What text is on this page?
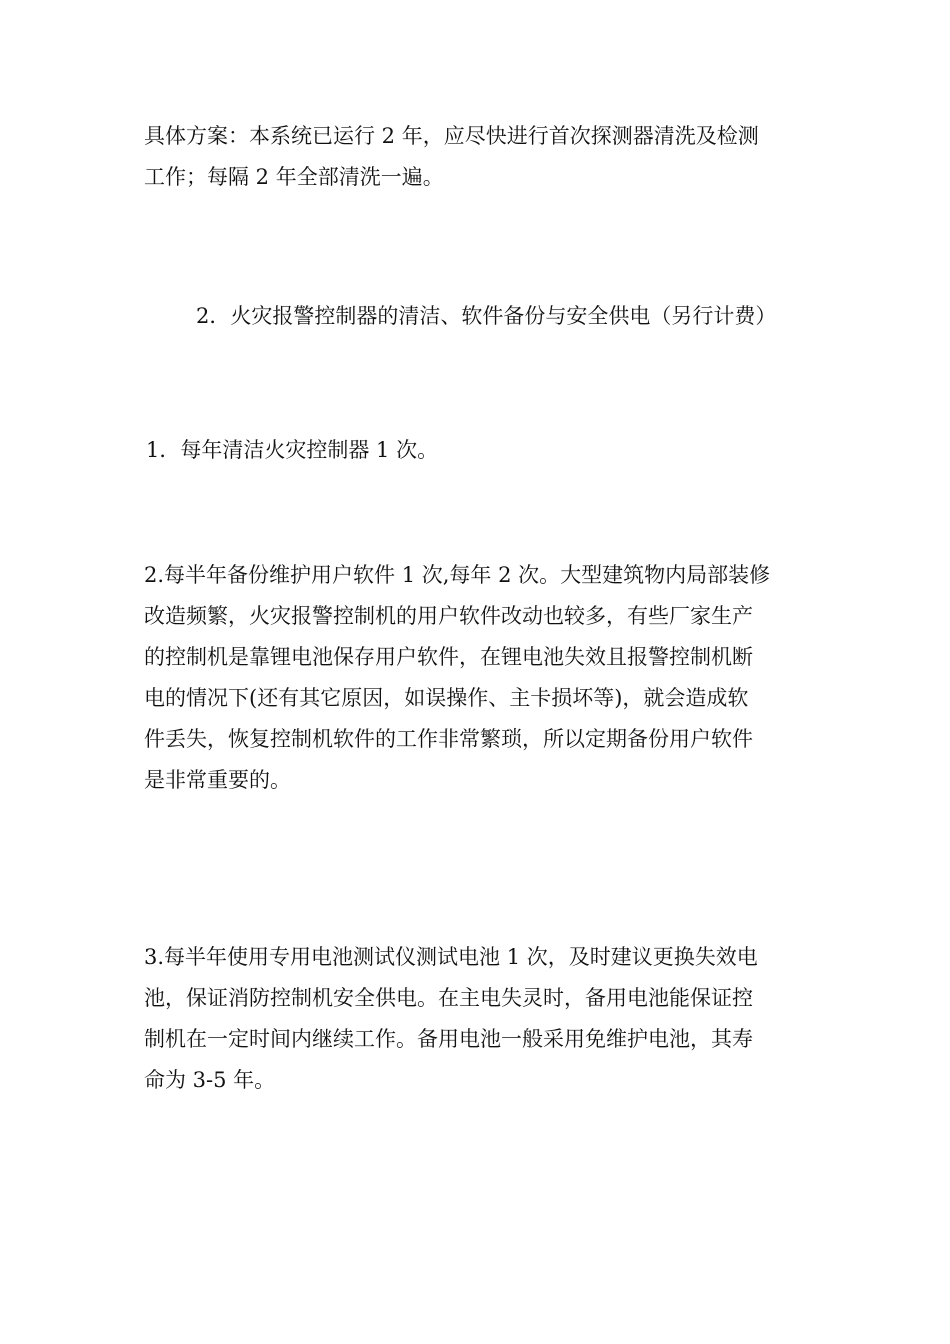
具体方案：本系统已运行 2 年，应尽快进行首次探测器清洗及检测
工作；每隔 2 年全部清洗一遍。

2．火灾报警控制器的清洁、软件备份与安全供电（另行计费）

1．每年清洁火灾控制器 1 次。

2.每半年备份维护用户软件 1 次,每年 2 次。大型建筑物内局部装修
改造频繁，火灾报警控制机的用户软件改动也较多，有些厂家生产
的控制机是靠锂电池保存用户软件，在锂电池失效且报警控制机断
电的情况下(还有其它原因，如误操作、主卡损坏等)，就会造成软
件丢失，恢复控制机软件的工作非常繁琐，所以定期备份用户软件
是非常重要的。

3.每半年使用专用电池测试仪测试电池 1 次，及时建议更换失效电
池，保证消防控制机安全供电。在主电失灵时，备用电池能保证控
制机在一定时间内继续工作。备用电池一般采用免维护电池，其寿
命为 3-5 年。
